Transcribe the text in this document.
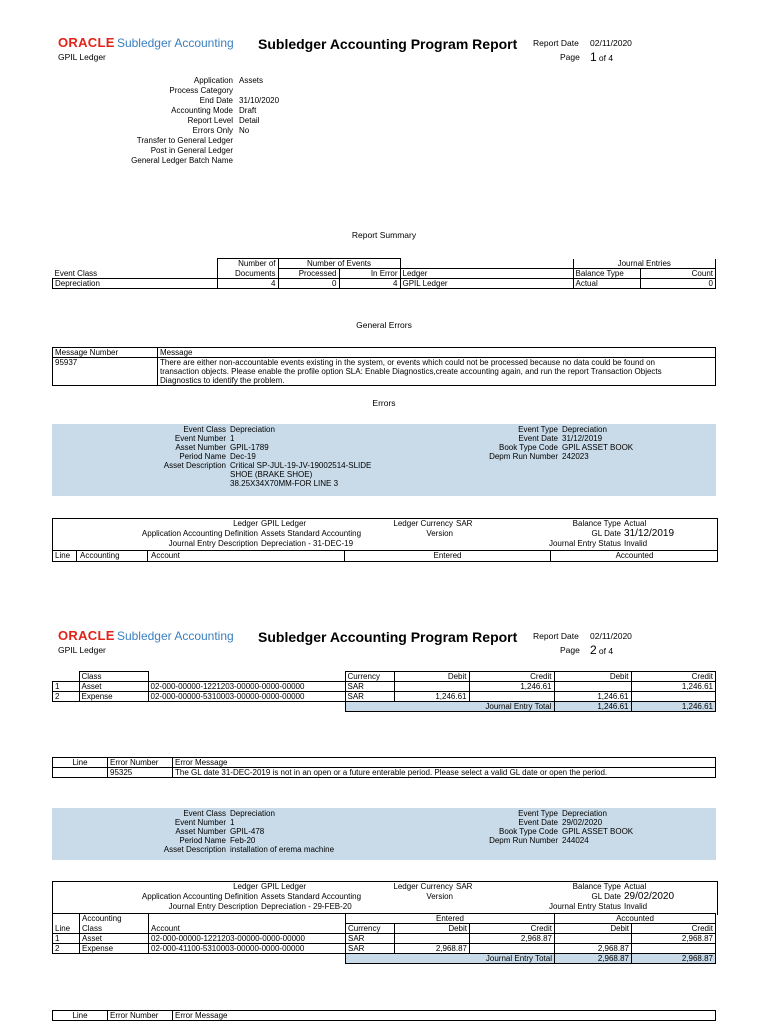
ORACLE Subledger Accounting
GPIL Ledger
Subledger Accounting Program Report Report Date 02/11/2020
Page 1 of 4
Application	Assets
Process Category	
End Date	31/10/2020
Accounting Mode	Draft
Report Level	Detail
Errors Only	No
Transfer to General Ledger	
Post in General Ledger	
General Ledger Batch Name	
Report Summary
	Number of	Number of Events			Journal Entries	
Event Class	Documents	Processed	In Error	Ledger	Balance Type	Count
Depreciation	4	0	4	GPIL Ledger	Actual	0
General Errors
Message Number	Message
95937	There are either non-accountable events existing in the system, or events which could not be processed because no data could be found on
transaction objects. Please enable the profile option SLA: Enable Diagnostics,create accounting again, and run the report Transaction Objects
Diagnostics to identify the problem.
Errors
Event Class	Depreciation
Event Number	1
Asset Number	GPIL-1789
Period Name	Dec-19
Asset Description	Critical SP-JUL-19-JV-19002514-SLIDE
	SHOE (BRAKE SHOE)
	38.25X34X70MM-FOR LINE 3
Event Type	Depreciation
Event Date	31/12/2019
Book Type Code	GPIL ASSET BOOK
Depm Run Number	242023
Ledger GPIL Ledger
Application Accounting Definition Assets Standard Accounting
Journal Entry Description Depreciation - 31-DEC-19
Ledger Currency SAR
Version
Balance Type Actual
GL Date 31/12/2019
Journal Entry Status Invalid
Line	Accounting	Account	Entered	Accounted
ORACLE Subledger Accounting
GPIL Ledger
Subledger Accounting Program Report Report Date 02/11/2020
Page 2 of 4
	Class		Currency	Debit	Credit	Debit	Credit
1	Asset	02-000-00000-1221203-00000-0000-00000	SAR		1,246.61		1,246.61
2	Expense	02-000-00000-5310003-00000-0000-00000	SAR	1,246.61		1,246.61	
			Journal Entry Total			1,246.61	1,246.61
Line	Error Number	Error Message
	95325	The GL date 31-DEC-2019 is not in an open or a future enterable period. Please select a valid GL date or open the period.
Event Class	Depreciation
Event Number	1
Asset Number	GPIL-478
Period Name	Feb-20
Asset Description	installation of erema machine
Event Type	Depreciation
Event Date	29/02/2020
Book Type Code	GPIL ASSET BOOK
Depm Run Number	244024
Ledger GPIL Ledger
Application Accounting Definition Assets Standard Accounting
Journal Entry Description Depreciation - 29-FEB-20
Ledger Currency SAR
Version
Balance Type Actual
GL Date 29/02/2020
Journal Entry Status Invalid
	Accounting		Entered			Accounted	
Line	Class	Account	Currency	Debit	Credit	Debit	Credit
1	Asset	02-000-00000-1221203-00000-0000-00000	SAR		2,968.87		2,968.87
2	Expense	02-000-41100-5310003-00000-0000-00000	SAR	2,968.87		2,968.87	
			Journal Entry Total			2,968.87	2,968.87
Line	Error Number	Error Message
